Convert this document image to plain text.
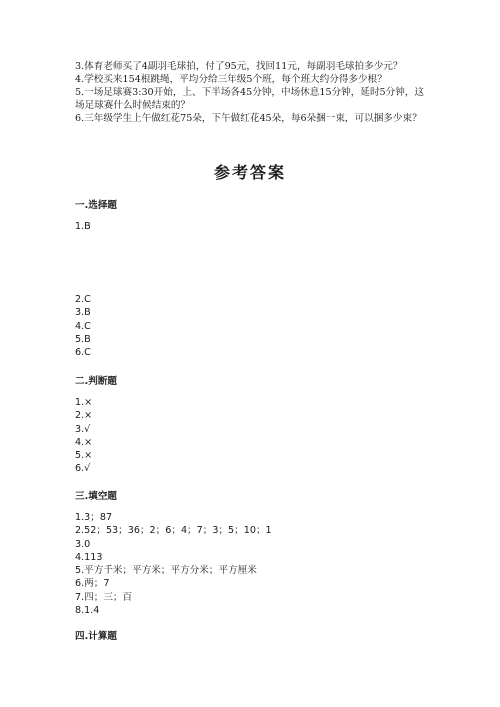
3.体育老师买了4副羽毛球拍，付了95元，找回11元，每副羽毛球拍多少元？

4.学校买来154根跳绳，平均分给三年级5个班，每个班大约分得多少根？

5.一场足球赛3:30开始，上、下半场各45分钟，中场休息15分钟，延时5分钟，这场足球赛什么时候结束的？

6.三年级学生上午做红花75朵，下午做红花45朵，每6朵捆一束，可以捆多少束？

参考答案
一.选择题
1.B
2.C
3.B
4.C
5.B
6.C
二.判断题
1.×
2.×
3.√
4.×
5.×
6.√
三.填空题
1.3；87
2.52；53；36；2；6；4；7；3；5；10；1
3.0
4.113
5.平方千米；平方米；平方分米；平方厘米
6.两；7
7.四；三；百
8.1.4
四.计算题
